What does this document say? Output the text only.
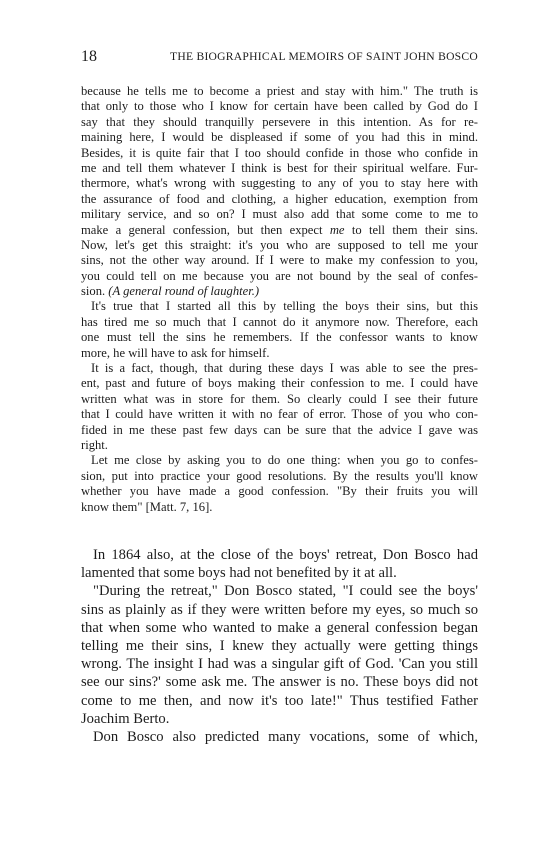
18	THE BIOGRAPHICAL MEMOIRS OF SAINT JOHN BOSCO
because he tells me to become a priest and stay with him." The truth is
that only to those who I know for certain have been called by God do I
say that they should tranquilly persevere in this intention. As for re-
maining here, I would be displeased if some of you had this in mind.
Besides, it is quite fair that I too should confide in those who confide in
me and tell them whatever I think is best for their spiritual welfare. Fur-
thermore, what's wrong with suggesting to any of you to stay here with
the assurance of food and clothing, a higher education, exemption from
military service, and so on? I must also add that some come to me to
make a general confession, but then expect me to tell them their sins.
Now, let's get this straight: it's you who are supposed to tell me your
sins, not the other way around. If I were to make my confession to you,
you could tell on me because you are not bound by the seal of confes-
sion. (A general round of laughter.)
It's true that I started all this by telling the boys their sins, but this
has tired me so much that I cannot do it anymore now. Therefore, each
one must tell the sins he remembers. If the confessor wants to know
more, he will have to ask for himself.
It is a fact, though, that during these days I was able to see the pres-
ent, past and future of boys making their confession to me. I could have
written what was in store for them. So clearly could I see their future
that I could have written it with no fear of error. Those of you who con-
fided in me these past few days can be sure that the advice I gave was
right.
Let me close by asking you to do one thing: when you go to confes-
sion, put into practice your good resolutions. By the results you'll know
whether you have made a good confession. "By their fruits you will
know them" [Matt. 7, 16].
In 1864 also, at the close of the boys' retreat, Don Bosco had
lamented that some boys had not benefited by it at all.
"During the retreat," Don Bosco stated, "I could see the boys'
sins as plainly as if they were written before my eyes, so much so
that when some who wanted to make a general confession began
telling me their sins, I knew they actually were getting things
wrong. The insight I had was a singular gift of God. 'Can you still
see our sins?' some ask me. The answer is no. These boys did not
come to me then, and now it's too late!" Thus testified Father
Joachim Berto.
Don Bosco also predicted many vocations, some of which,
